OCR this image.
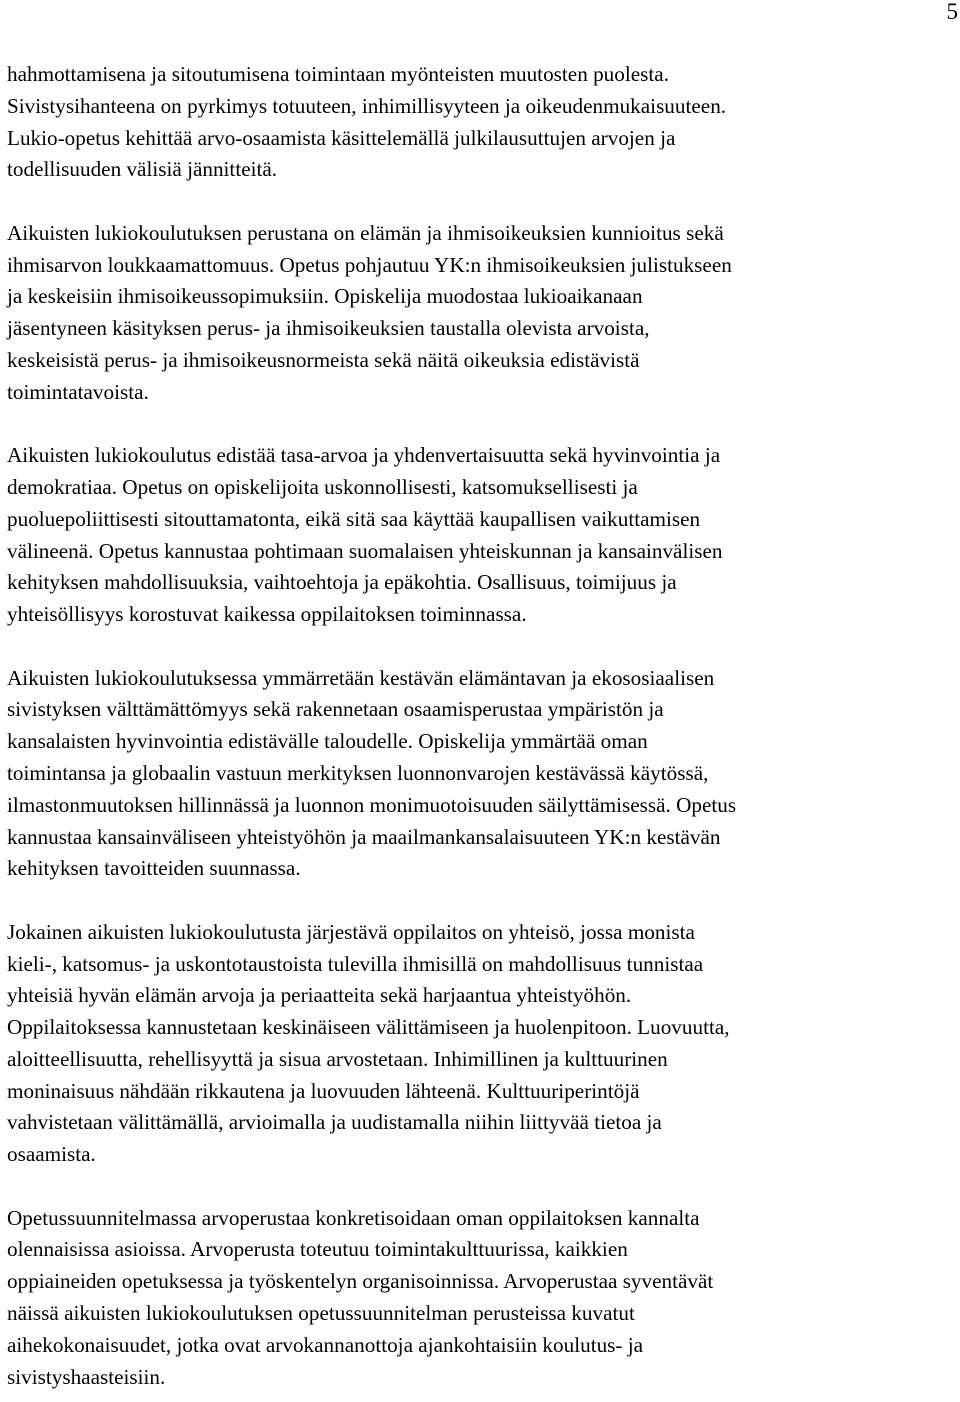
5

hahmottamisena ja sitoutumisena toimintaan myönteisten muutosten puolesta.
Sivistysihanteena on pyrkimys totuuteen, inhimillisyyteen ja oikeudenmukaisuuteen.
Lukio-opetus kehittää arvo-osaamista käsittelemällä julkilausuttujen arvojen ja
todellisuuden välisiä jännitteitä.

Aikuisten lukiokoulutuksen perustana on elämän ja ihmisoikeuksien kunnioitus sekä
ihmisarvon loukkaamattomuus. Opetus pohjautuu YK:n ihmisoikeuksien julistukseen
ja keskeisiin ihmisoikeussopimuksiin. Opiskelija muodostaa lukioaikanaan
jäsentyneen käsityksen perus- ja ihmisoikeuksien taustalla olevista arvoista,
keskeisistä perus- ja ihmisoikeusnormeista sekä näitä oikeuksia edistävistä
toimintatavoista.

Aikuisten lukiokoulutus edistää tasa-arvoa ja yhdenvertaisuutta sekä hyvinvointia ja
demokratiaa. Opetus on opiskelijoita uskonnollisesti, katsomuksellisesti ja
puoluepoliittisesti sitouttamatonta, eikä sitä saa käyttää kaupallisen vaikuttamisen
välineenä. Opetus kannustaa pohtimaan suomalaisen yhteiskunnan ja kansainvälisen
kehityksen mahdollisuuksia, vaihtoehtoja ja epäkohtia. Osallisuus, toimijuus ja
yhteisöllisyys korostuvat kaikessa oppilaitoksen toiminnassa.

Aikuisten lukiokoulutuksessa ymmärretään kestävän elämäntavan ja ekososiaalisen
sivistyksen välttämättömyys sekä rakennetaan osaamisperustaa ympäristön ja
kansalaisten hyvinvointia edistävälle taloudelle. Opiskelija ymmärtää oman
toimintansa ja globaalin vastuun merkityksen luonnonvarojen kestävässä käytössä,
ilmastonmuutoksen hillinnässä ja luonnon monimuotoisuuden säilyttämisessä. Opetus
kannustaa kansainväliseen yhteistyöhön ja maailmankansalaisuuteen YK:n kestävän
kehityksen tavoitteiden suunnassa.

Jokainen aikuisten lukiokoulutusta järjestävä oppilaitos on yhteisö, jossa monista
kieli-, katsomus- ja uskontotaustoista tulevilla ihmisillä on mahdollisuus tunnistaa
yhteisiä hyvän elämän arvoja ja periaatteita sekä harjaantua yhteistyöhön.
Oppilaitoksessa kannustetaan keskinäiseen välittämiseen ja huolenpitoon. Luovuutta,
aloitteellisuutta, rehellisyyttä ja sisua arvostetaan. Inhimillinen ja kulttuurinen
moninaisuus nähdään rikkautena ja luovuuden lähteenä. Kulttuuriperintöjä
vahvistetaan välittämällä, arvioimalla ja uudistamalla niihin liittyvää tietoa ja
osaamista.

Opetussuunnitelmassa arvoperustaa konkretisoidaan oman oppilaitoksen kannalta
olennaisissa asioissa. Arvoperusta toteutuu toimintakulttuurissa, kaikkien
oppiaineiden opetuksessa ja työskentelyn organisoinnissa. Arvoperustaa syventävät
näissä aikuisten lukiokoulutuksen opetussuunnitelman perusteissa kuvatut
aihekokonaisuudet, jotka ovat arvokannanottoja ajankohtaisiin koulutus- ja
sivistyshaasteisiin.
